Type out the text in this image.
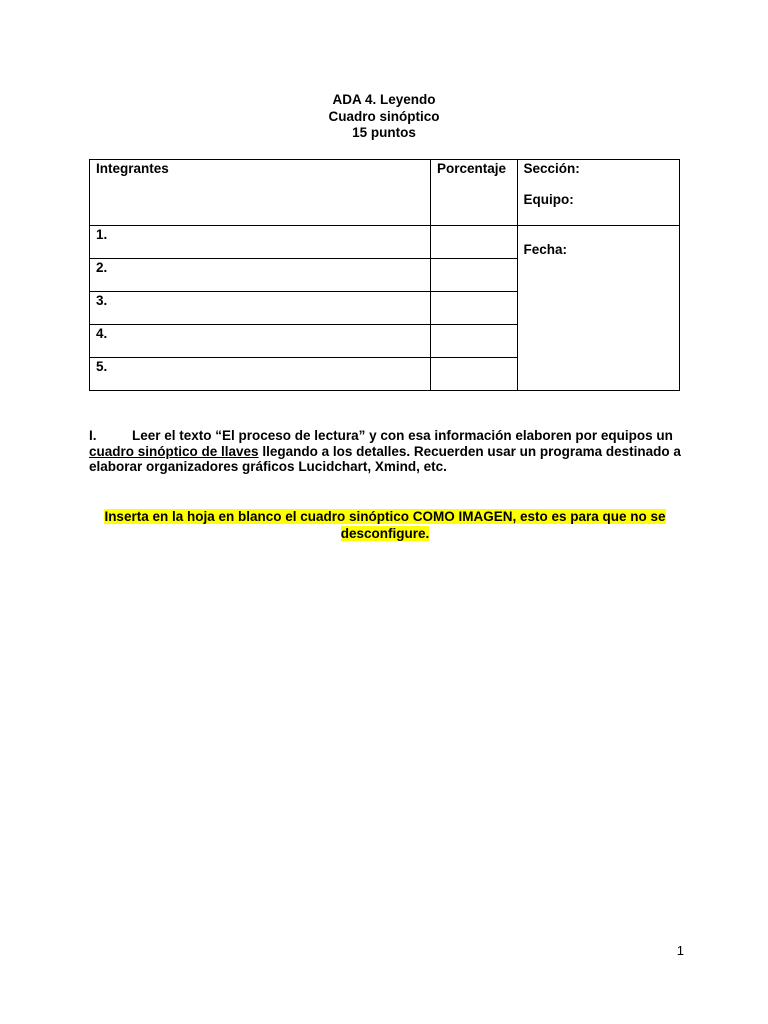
ADA 4. Leyendo
Cuadro sinóptico
15 puntos
Integrantes	Porcentaje	Sección:
Equipo:

1.		Fecha:

2.		

3.		

4.		

5.		

I.	Leer el texto “El proceso de lectura” y con esa información elaboren por equipos un cuadro sinóptico de llaves llegando a los detalles. Recuerden usar un programa destinado a elaborar organizadores gráficos Lucidchart, Xmind, etc.
Inserta en la hoja en blanco el cuadro sinóptico COMO IMAGEN, esto es para que no se desconfigure.
1
